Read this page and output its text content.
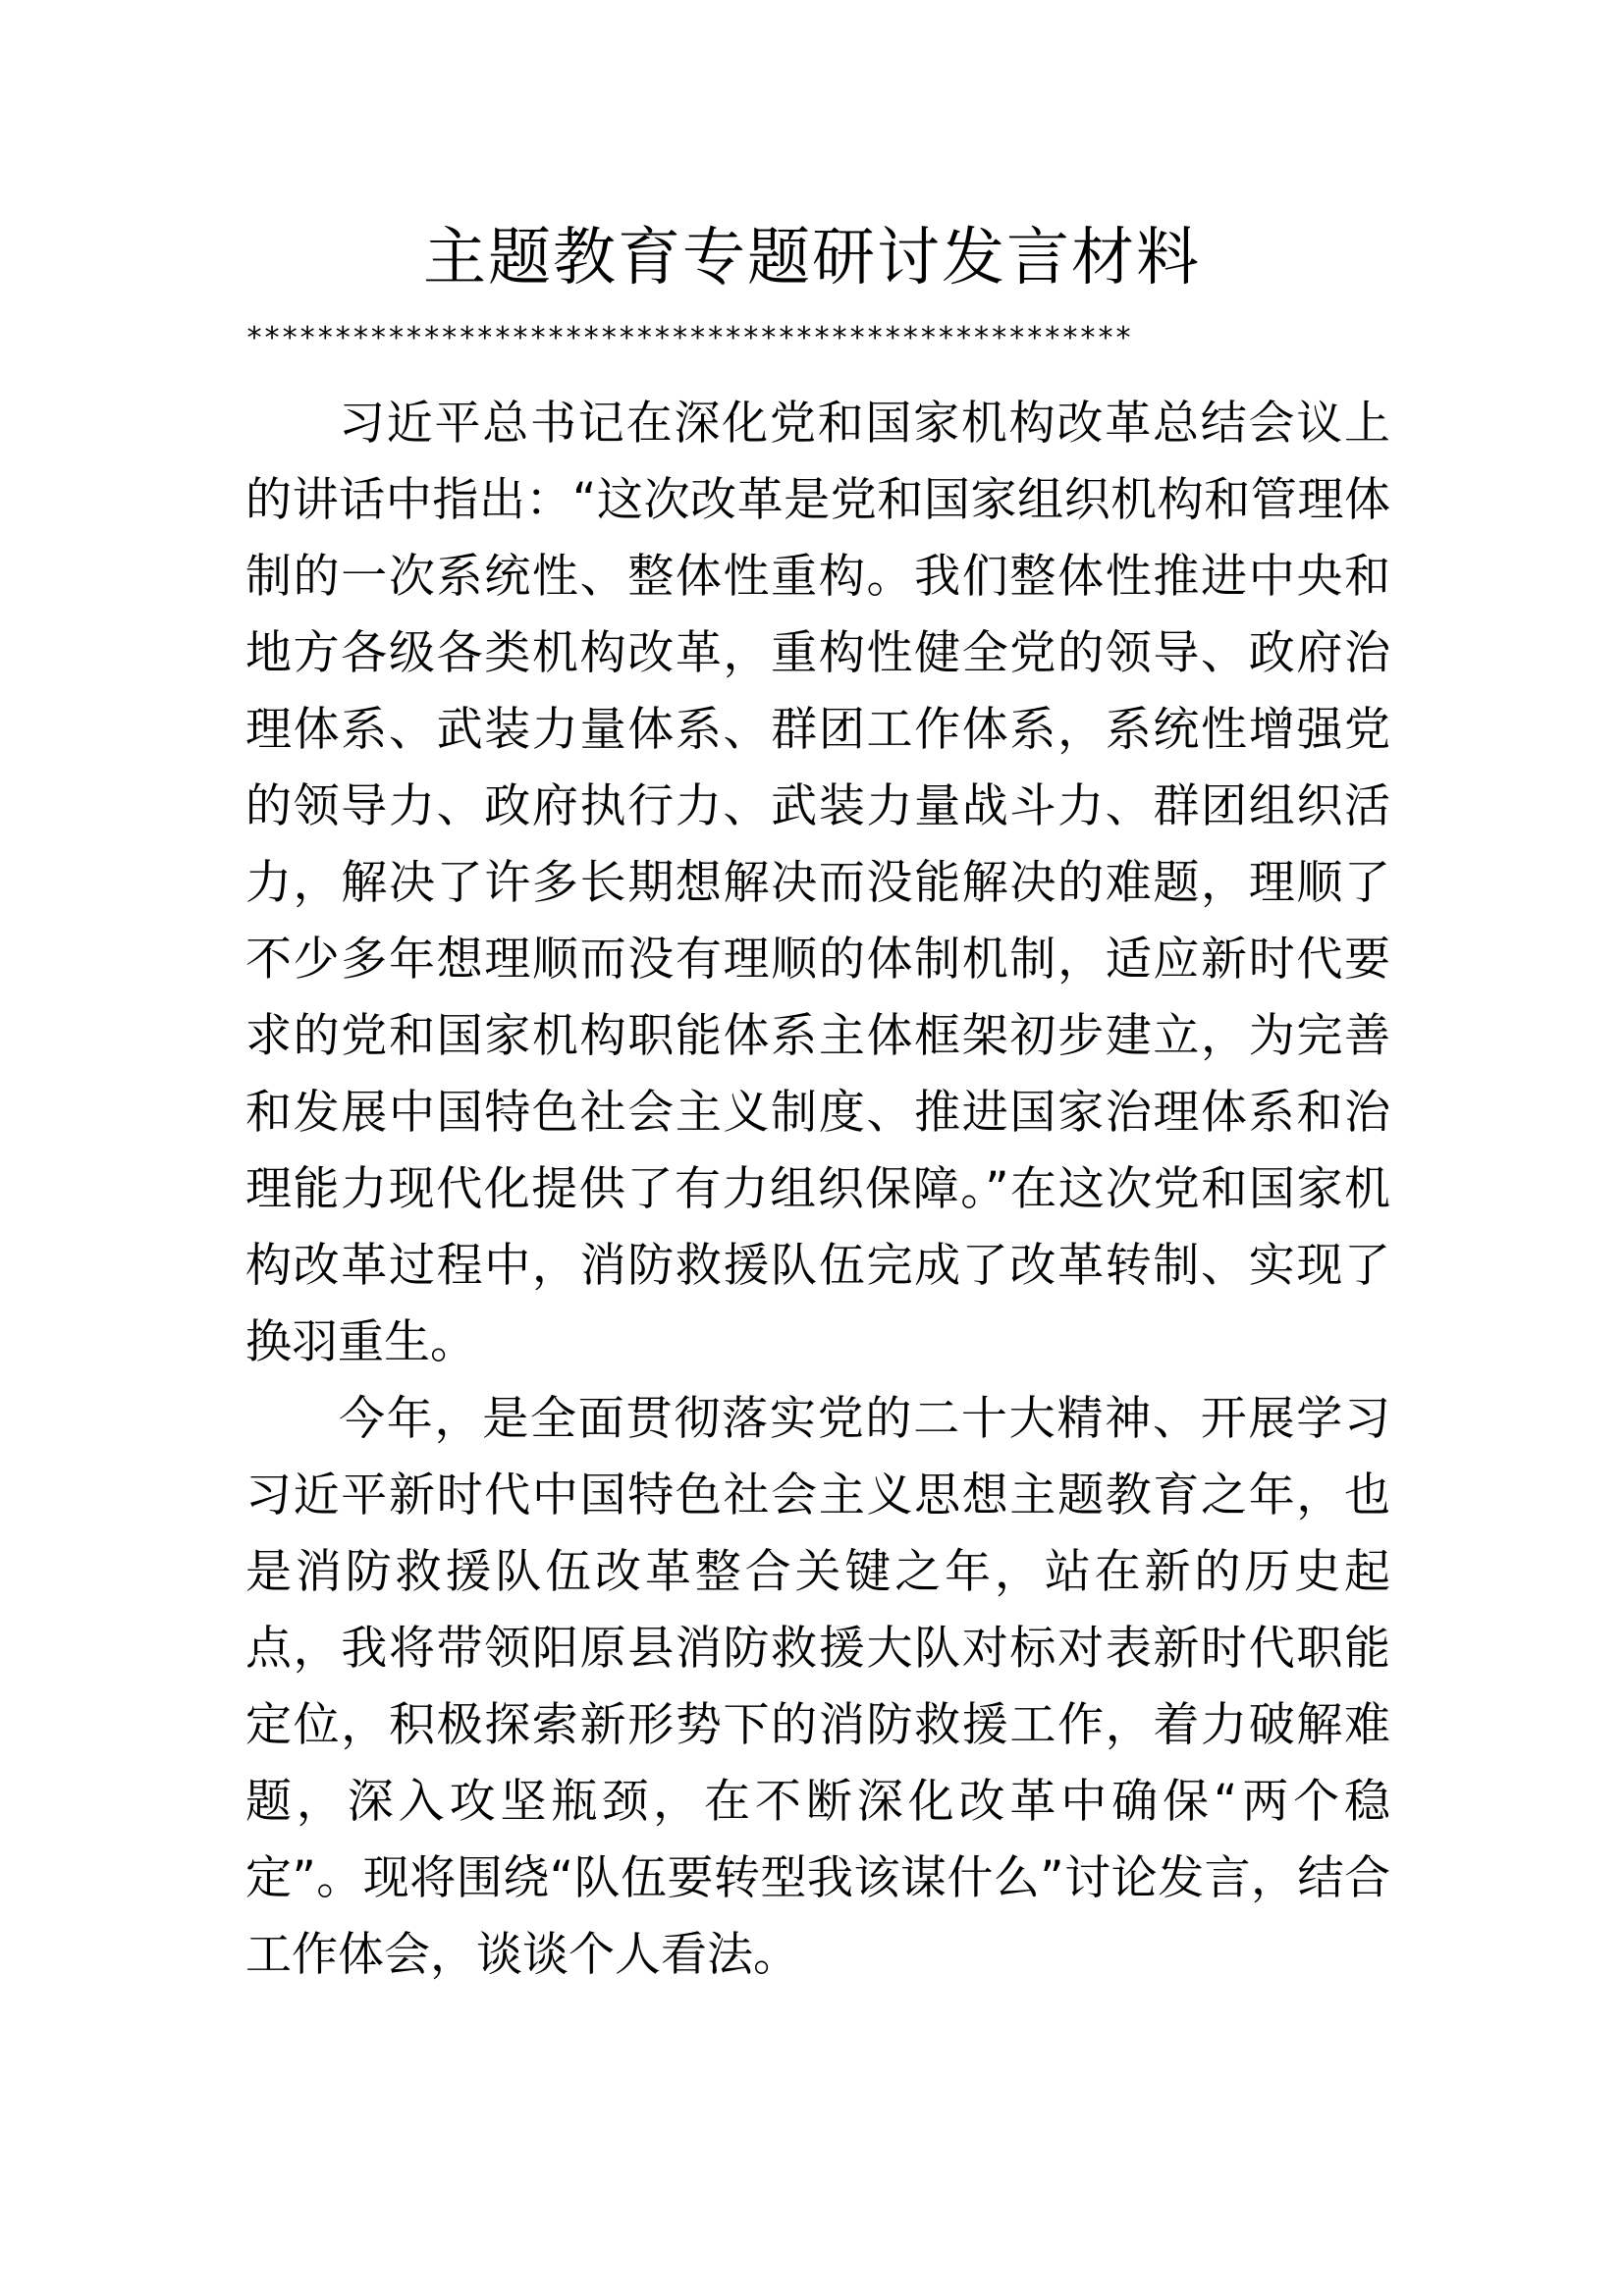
主题教育专题研讨发言材料
**************************************************

习近平总书记在深化党和国家机构改革总结会议上的讲话中指出：“这次改革是党和国家组织机构和管理体制的一次系统性、整体性重构。我们整体性推进中央和地方各级各类机构改革，重构性健全党的领导、政府治理体系、武装力量体系、群团工作体系，系统性增强党的领导力、政府执行力、武装力量战斗力、群团组织活力，解决了许多长期想解决而没能解决的难题，理顺了不少多年想理顺而没有理顺的体制机制，适应新时代要求的党和国家机构职能体系主体框架初步建立，为完善和发展中国特色社会主义制度、推进国家治理体系和治理能力现代化提供了有力组织保障。”在这次党和国家机构改革过程中，消防救援队伍完成了改革转制、实现了换羽重生。

今年，是全面贯彻落实党的二十大精神、开展学习习近平新时代中国特色社会主义思想主题教育之年，也是消防救援队伍改革整合关键之年，站在新的历史起点，我将带领阳原县消防救援大队对标对表新时代职能定位，积极探索新形势下的消防救援工作，着力破解难题，深入攻坚瓶颈，在不断深化改革中确保“两个稳定”。现将围绕“队伍要转型我该谋什么”讨论发言，结合工作体会，谈谈个人看法。
